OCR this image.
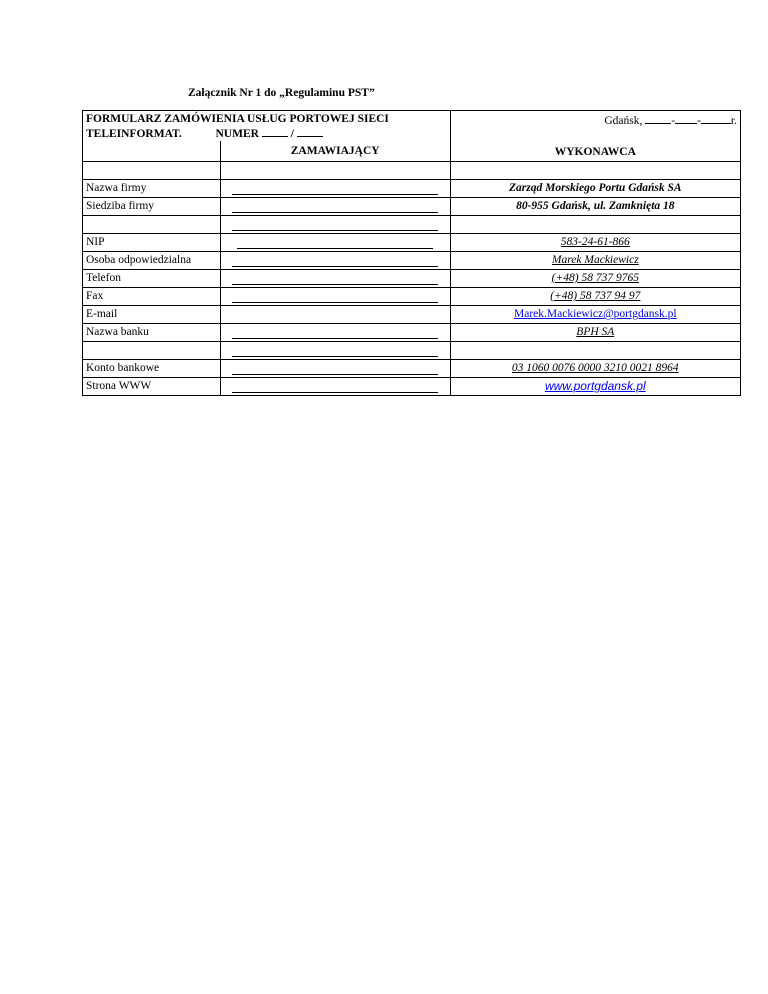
Załącznik Nr 1 do „Regulaminu PST”
FORMULARZ ZAMÓWIENIA USŁUG PORTOWEJ SIECI
TELEINFORMAT. NUMER /		Gdańsk, - - r.
	ZAMAWIAJĄCY	WYKONAWCA

Nazwa firmy		Zarząd Morskiego Portu Gdańsk SA
Siedziba firmy		80-955 Gdańsk, ul. Zamknięta 18

NIP		583-24-61-866
Osoba odpowiedzialna		Marek Mackiewicz
Telefon		(+48) 58 737 9765
Fax		(+48) 58 737 94 97
E-mail		Marek.Mackiewicz@portgdansk.pl
Nazwa banku		BPH SA

Konto bankowe		03 1060 0076 0000 3210 0021 8964
Strona WWW		www.portgdansk.pl
